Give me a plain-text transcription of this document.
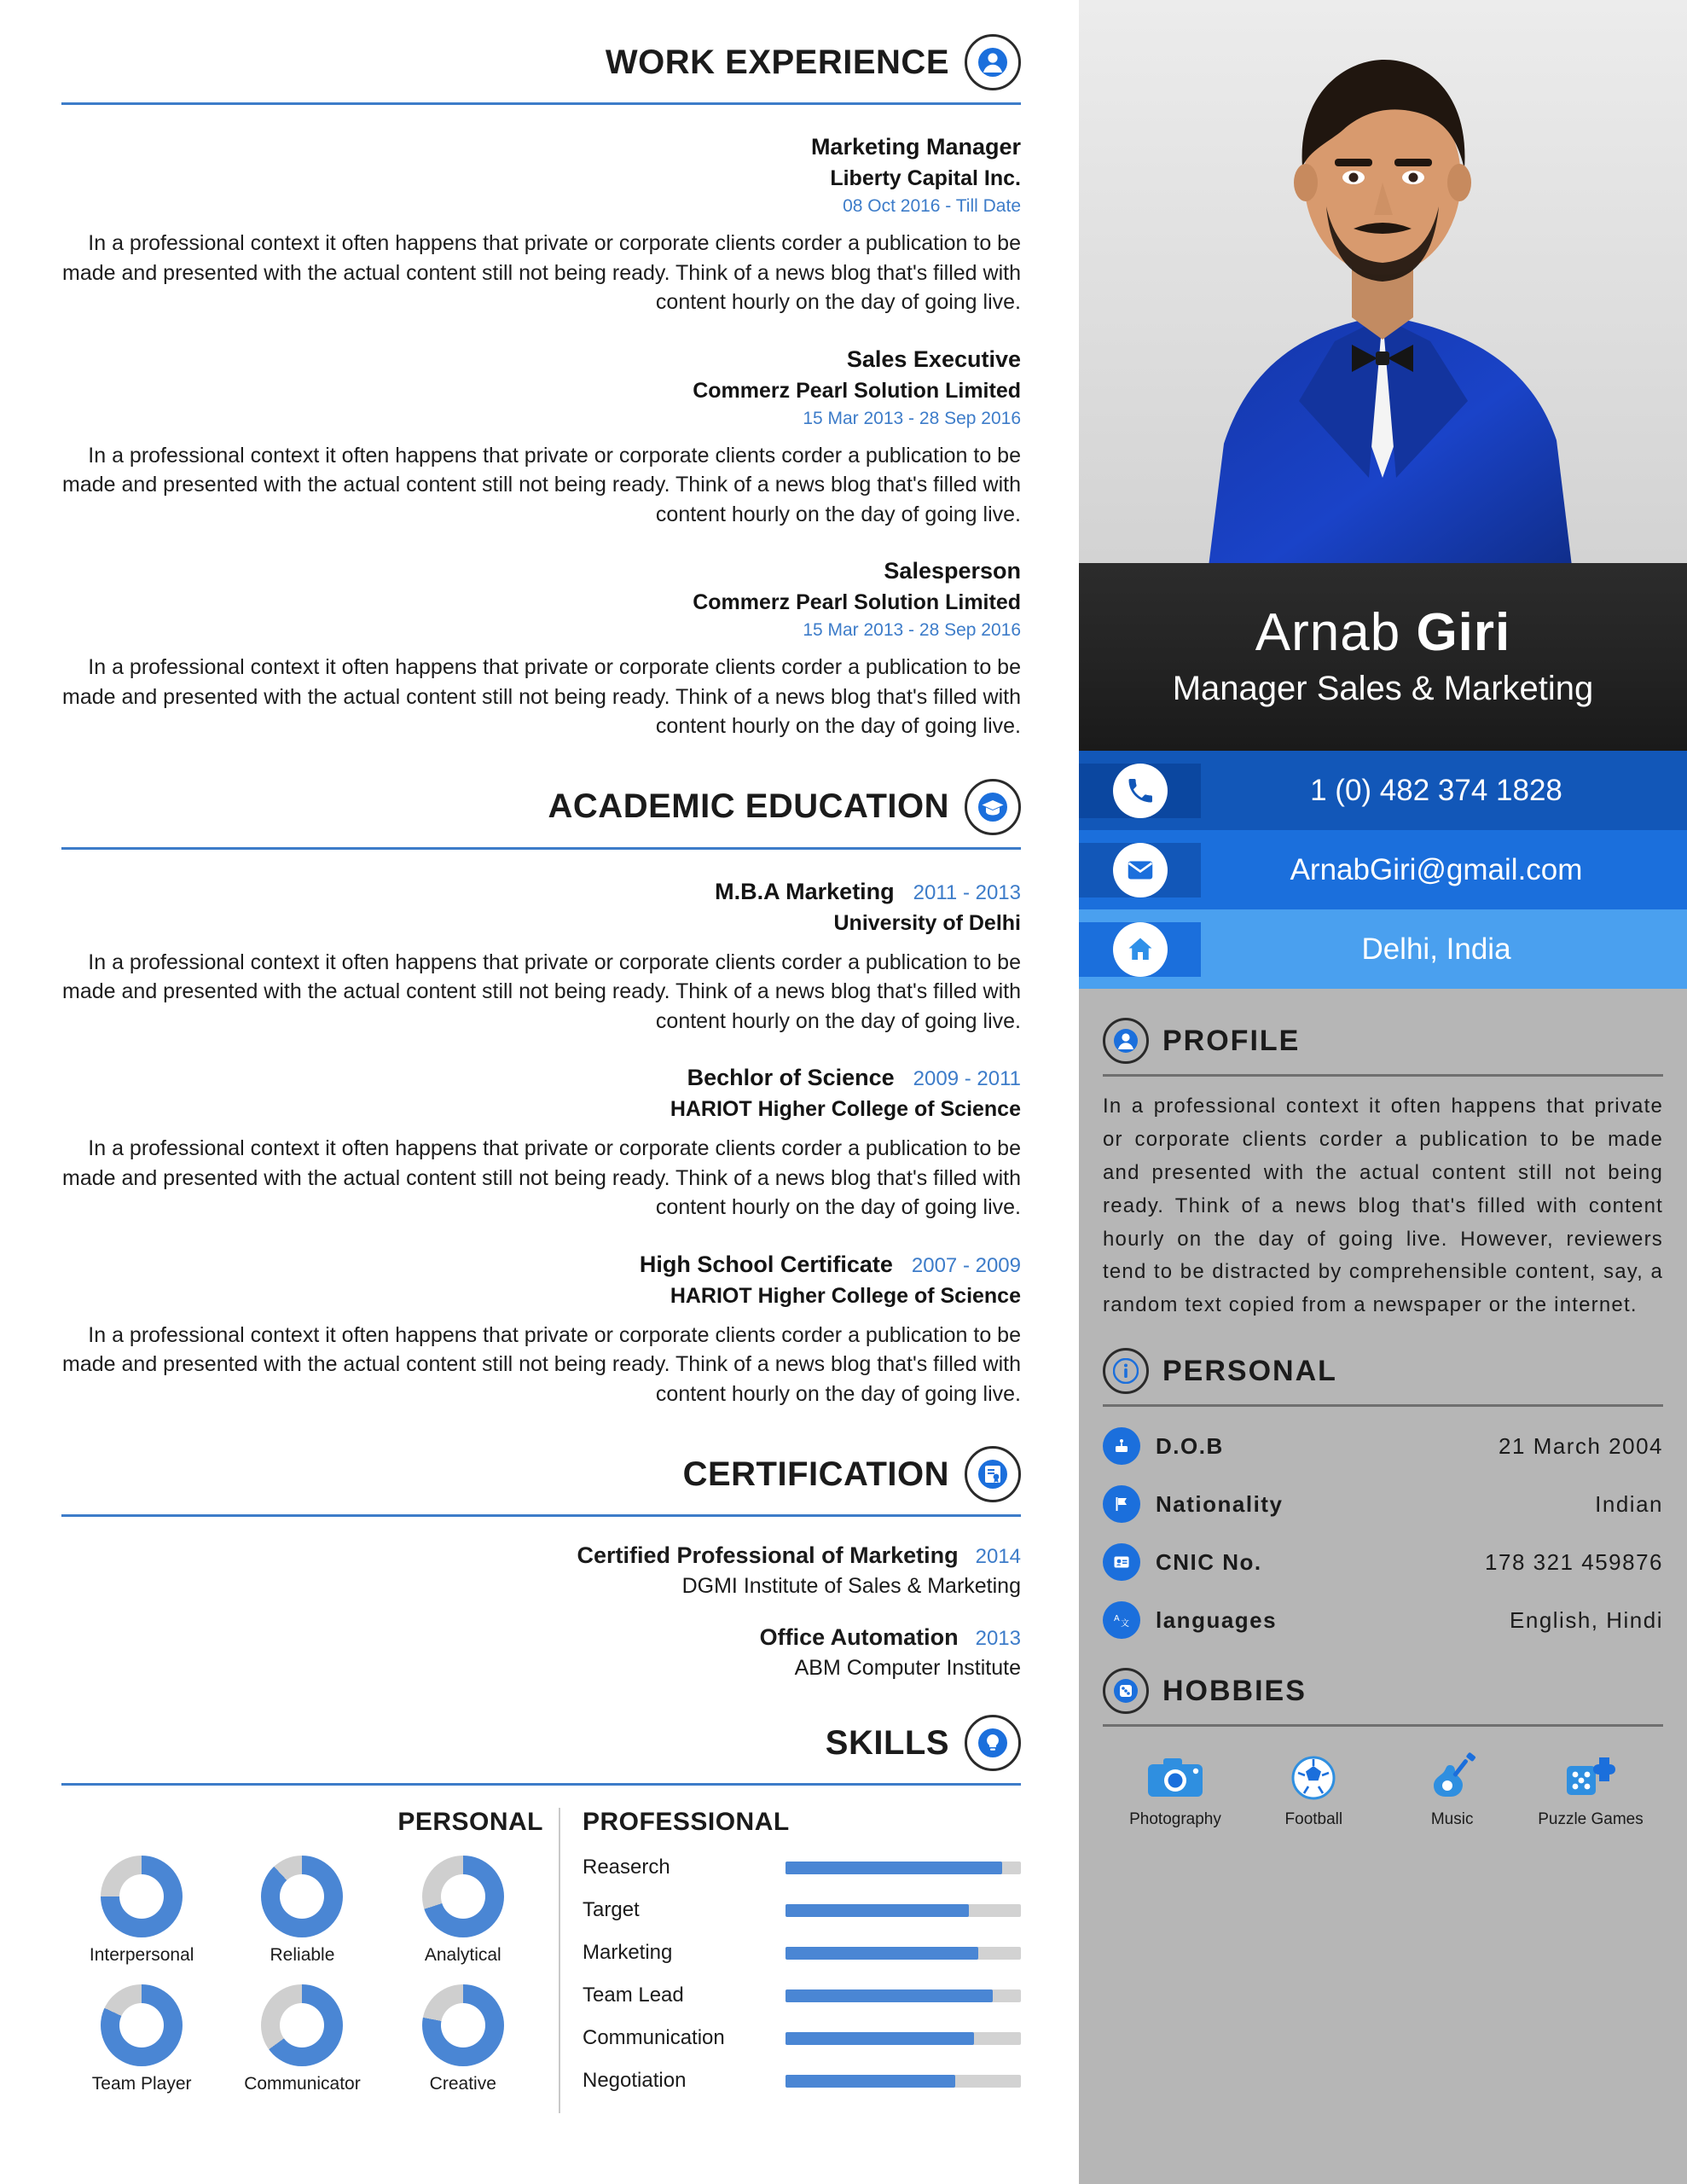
WORK EXPERIENCE
Marketing Manager
Liberty Capital Inc.
08 Oct 2016 - Till Date
In a professional context it often happens that private or corporate clients corder a publication to be made and presented with the actual content still not being ready. Think of a news blog that's filled with content hourly on the day of going live.
Sales Executive
Commerz Pearl Solution Limited
15 Mar 2013 - 28 Sep 2016
In a professional context it often happens that private or corporate clients corder a publication to be made and presented with the actual content still not being ready. Think of a news blog that's filled with content hourly on the day of going live.
Salesperson
Commerz Pearl Solution Limited
15 Mar 2013 - 28 Sep 2016
In a professional context it often happens that private or corporate clients corder a publication to be made and presented with the actual content still not being ready. Think of a news blog that's filled with content hourly on the day of going live.
ACADEMIC EDUCATION
M.B.A Marketing 2011 - 2013
University of Delhi
In a professional context it often happens that private or corporate clients corder a publication to be made and presented with the actual content still not being ready. Think of a news blog that's filled with content hourly on the day of going live.
Bechlor of Science 2009 - 2011
HARIOT Higher College of Science
In a professional context it often happens that private or corporate clients corder a publication to be made and presented with the actual content still not being ready. Think of a news blog that's filled with content hourly on the day of going live.
High School Certificate 2007 - 2009
HARIOT Higher College of Science
In a professional context it often happens that private or corporate clients corder a publication to be made and presented with the actual content still not being ready. Think of a news blog that's filled with content hourly on the day of going live.
CERTIFICATION
Certified Professional of Marketing 2014
DGMI Institute of Sales & Marketing
Office Automation 2013
ABM Computer Institute
SKILLS
PERSONAL
Interpersonal	Reliable	Analytical
Team Player	Communicator	Creative
PROFESSIONAL
Reaserch
Target
Marketing
Team Lead
Communication
Negotiation
Arnab Giri
Manager Sales & Marketing
1 (0) 482 374 1828
ArnabGiri@gmail.com
Delhi, India
PROFILE
In a professional context it often happens that private or corporate clients corder a publication to be made and presented with the actual content still not being ready. Think of a news blog that's filled with content hourly on the day of going live. However, reviewers tend to be distracted by comprehensible content, say, a random text copied from a newspaper or the internet.
PERSONAL
D.O.B	21 March 2004
Nationality	Indian
CNIC No.	178 321 459876
A
文 languages	English, Hindi
HOBBIES
Photography	Football	Music	Puzzle Games
